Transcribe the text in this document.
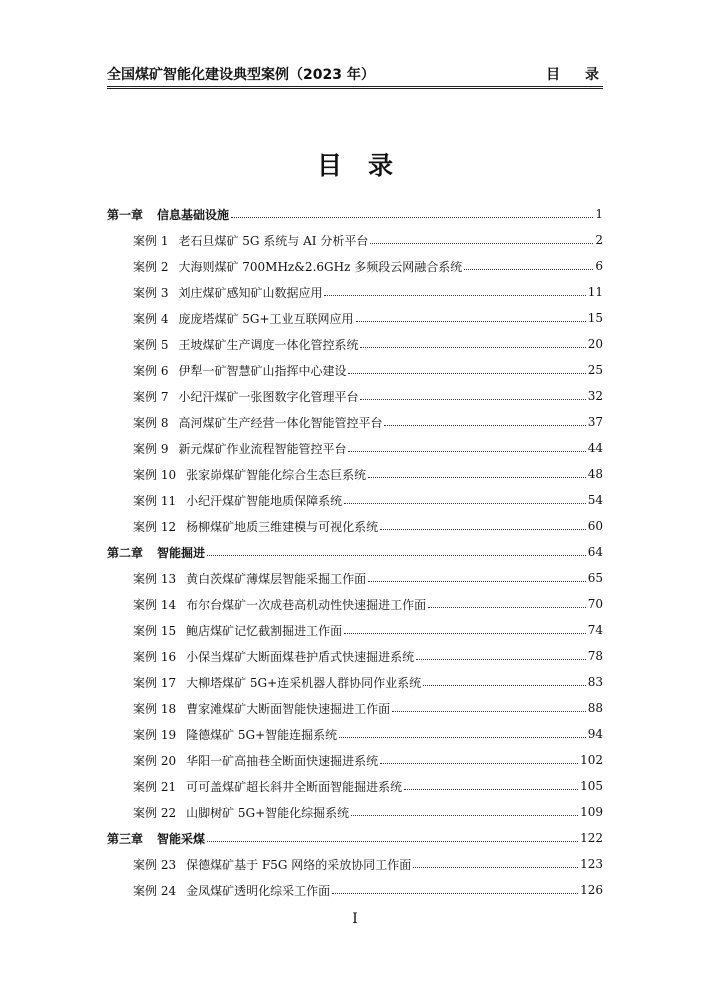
全国煤矿智能化建设典型案例（2023 年）	目 录
目录
第一章 信息基础设施	1
案例 1 老石旦煤矿 5G 系统与 AI 分析平台	2
案例 2 大海则煤矿 700MHz&2.6GHz 多频段云网融合系统	6
案例 3 刘庄煤矿感知矿山数据应用	11
案例 4 庞庞塔煤矿 5G+工业互联网应用	15
案例 5 王坡煤矿生产调度一体化管控系统	20
案例 6 伊犁一矿智慧矿山指挥中心建设	25
案例 7 小纪汗煤矿一张图数字化管理平台	32
案例 8 高河煤矿生产经营一体化智能管控平台	37
案例 9 新元煤矿作业流程智能管控平台	44
案例 10 张家峁煤矿智能化综合生态巨系统	48
案例 11 小纪汗煤矿智能地质保障系统	54
案例 12 杨柳煤矿地质三维建模与可视化系统	60
第二章 智能掘进	64
案例 13 黄白茨煤矿薄煤层智能采掘工作面	65
案例 14 布尔台煤矿一次成巷高机动性快速掘进工作面	70
案例 15 鲍店煤矿记忆截割掘进工作面	74
案例 16 小保当煤矿大断面煤巷护盾式快速掘进系统	78
案例 17 大柳塔煤矿 5G+连采机器人群协同作业系统	83
案例 18 曹家滩煤矿大断面智能快速掘进工作面	88
案例 19 隆德煤矿 5G+智能连掘系统	94
案例 20 华阳一矿高抽巷全断面快速掘进系统	102
案例 21 可可盖煤矿超长斜井全断面智能掘进系统	105
案例 22 山脚树矿 5G+智能化综掘系统	109
第三章 智能采煤	122
案例 23 保德煤矿基于 F5G 网络的采放协同工作面	123
案例 24 金凤煤矿透明化综采工作面	126
I
